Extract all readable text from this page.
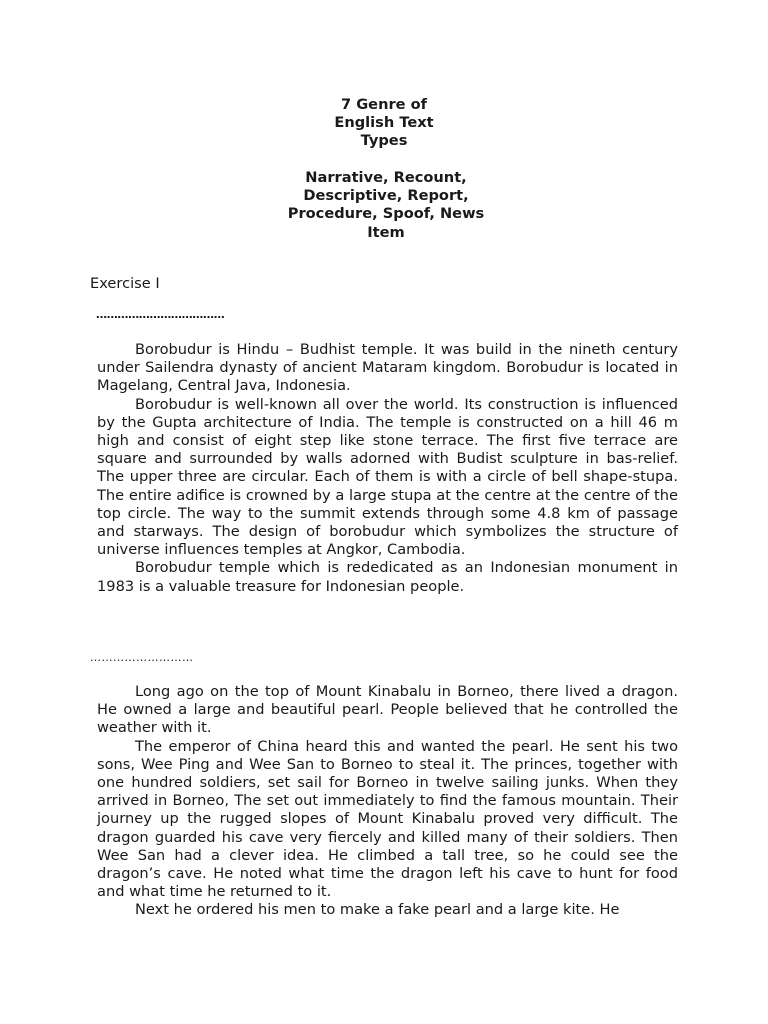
7 Genre of
English Text
Types
Narrative, Recount,
Descriptive, Report,
Procedure, Spoof, News
Item
Exercise I
………………………………

Borobudur is Hindu – Budhist temple. It was build in the nineth century under Sailendra dynasty of ancient Mataram kingdom. Borobudur is located in Magelang, Central Java, Indonesia.

Borobudur is well-known all over the world. Its construction is influenced by the Gupta architecture of India. The temple is constructed on a hill 46 m high and consist of eight step like stone terrace. The first five terrace are square and surrounded by walls adorned with Budist sculpture in bas-relief. The upper three are circular. Each of them is with a circle of bell shape-stupa. The entire adifice is crowned by a large stupa at the centre at the centre of the top circle. The way to the summit extends through some 4.8 km of passage and starways. The design of borobudur which symbolizes the structure of universe influences temples at Angkor, Cambodia.

Borobudur temple which is rededicated as an Indonesian monument in 1983 is a valuable treasure for Indonesian people.

………………………

Long ago on the top of Mount Kinabalu in Borneo, there lived a dragon. He owned a large and beautiful pearl. People believed that he controlled the weather with it.

The emperor of China heard this and wanted the pearl. He sent his two sons, Wee Ping and Wee San to Borneo to steal it. The princes, together with one hundred soldiers, set sail for Borneo in twelve sailing junks. When they arrived in Borneo, The set out immediately to find the famous mountain. Their journey up the rugged slopes of Mount Kinabalu proved very difficult. The dragon guarded his cave very fiercely and killed many of their soldiers. Then Wee San had a clever idea. He climbed a tall tree, so he could see the dragon’s cave. He noted what time the dragon left his cave to hunt for food and what time he returned to it.

Next he ordered his men to make a fake pearl and a large kite. He
